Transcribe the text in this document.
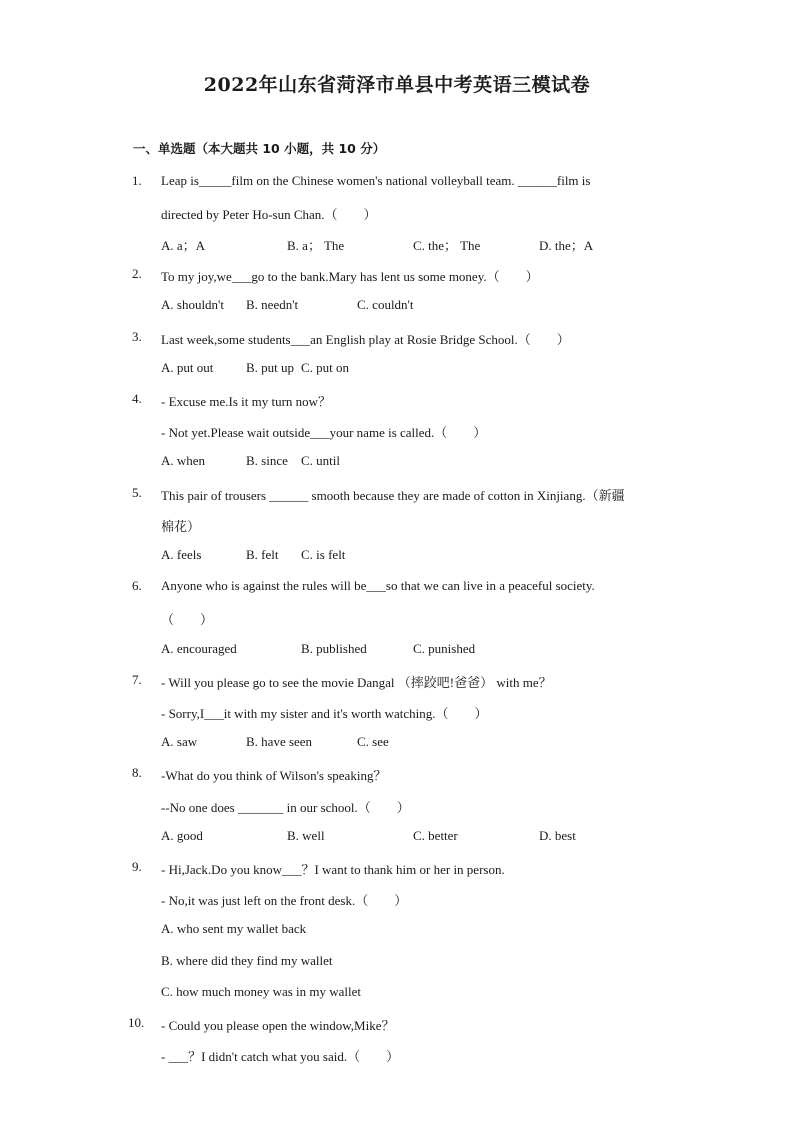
2022年山东省菏泽市单县中考英语三模试卷
一、单选题（本大题共 10 小题，共 10 分）
1. Leap is_____film on the Chinese women's national volleyball team. ______film is
directed by Peter Ho-sun Chan.（　　）
A. a；A	B. a； The	C. the； The	D. the；A
2. To my joy,we___go to the bank.Mary has lent us some money.（　　）
A. shouldn't B. needn't	C. couldn't
3. Last week,some students___an English play at Rosie Bridge School.（　　）
A. put out	B. put up C. put on
4. - Excuse me.Is it my turn now？
- Not yet.Please wait outside___your name is called.（　　）
A. when	B. since C. until
5. This pair of trousers ______ smooth because they are made of cotton in Xinjiang.（新疆
棉花）
A. feels	B. felt C. is felt
6. Anyone who is against the rules will be___so that we can live in a peaceful society.
（　　）
A. encouraged	B. published	C. punished
7. - Will you please go to see the movie Dangal （摔跤吧!爸爸） with me？
- Sorry,I___it with my sister and it's worth watching.（　　）
A. saw	B. have seen	C. see
8. -What do you think of Wilson's speaking？
--No one does _______ in our school.（　　）
A. good	B. well	C. better	D. best
9. - Hi,Jack.Do you know___？I want to thank him or her in person.
- No,it was just left on the front desk.（　　）
A. who sent my wallet back
B. where did they find my wallet
C. how much money was in my wallet
10. - Could you please open the window,Mike？
- ___？I didn't catch what you said.（　　）
